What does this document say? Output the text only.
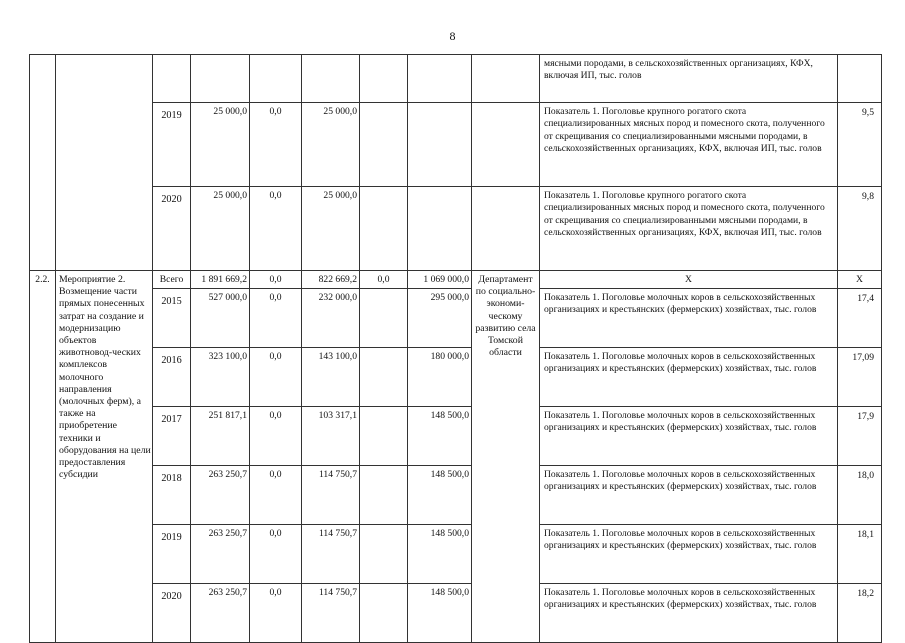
8
									мясными породами, в сельскохозяйственных организациях, КФХ, включая ИП, тыс. голов	
		2019	25 000,0	0,0	25 000,0				Показатель 1. Поголовье крупного рогатого скота специализированных мясных пород и помесного скота, полученного от скрещивания со специализированными мясными породами, в сельскохозяйственных организациях, КФХ, включая ИП, тыс. голов	9,5
		2020	25 000,0	0,0	25 000,0				Показатель 1. Поголовье крупного рогатого скота специализированных мясных пород и помесного скота, полученного от скрещивания со специализированными мясными породами, в сельскохозяйственных организациях, КФХ, включая ИП, тыс. голов	9,8
2.2.	Мероприятие 2. Возмещение части прямых понесенных затрат на создание и модернизацию объектов животновод-ческих комплексов молочного направления (молочных ферм), а также на приобретение техники и оборудования на цели предоставления субсидии	Всего	1 891 669,2	0,0	822 669,2	0,0	1 069 000,0	Департамент по социально-экономи-ческому развитию села Томской области	Х	Х
		2015	527 000,0	0,0	232 000,0		295 000,0		Показатель 1. Поголовье молочных коров в сельскохозяйственных организациях и крестьянских (фермерских) хозяйствах, тыс. голов	17,4
		2016	323 100,0	0,0	143 100,0		180 000,0		Показатель 1. Поголовье молочных коров в сельскохозяйственных организациях и крестьянских (фермерских) хозяйствах, тыс. голов	17,09
		2017	251 817,1	0,0	103 317,1		148 500,0		Показатель 1. Поголовье молочных коров в сельскохозяйственных организациях и крестьянских (фермерских) хозяйствах, тыс. голов	17,9
		2018	263 250,7	0,0	114 750,7		148 500,0		Показатель 1. Поголовье молочных коров в сельскохозяйственных организациях и крестьянских (фермерских) хозяйствах, тыс. голов	18,0
		2019	263 250,7	0,0	114 750,7		148 500,0		Показатель 1. Поголовье молочных коров в сельскохозяйственных организациях и крестьянских (фермерских) хозяйствах, тыс. голов	18,1
		2020	263 250,7	0,0	114 750,7		148 500,0		Показатель 1. Поголовье молочных коров в сельскохозяйственных организациях и крестьянских (фермерских) хозяйствах, тыс. голов	18,2
